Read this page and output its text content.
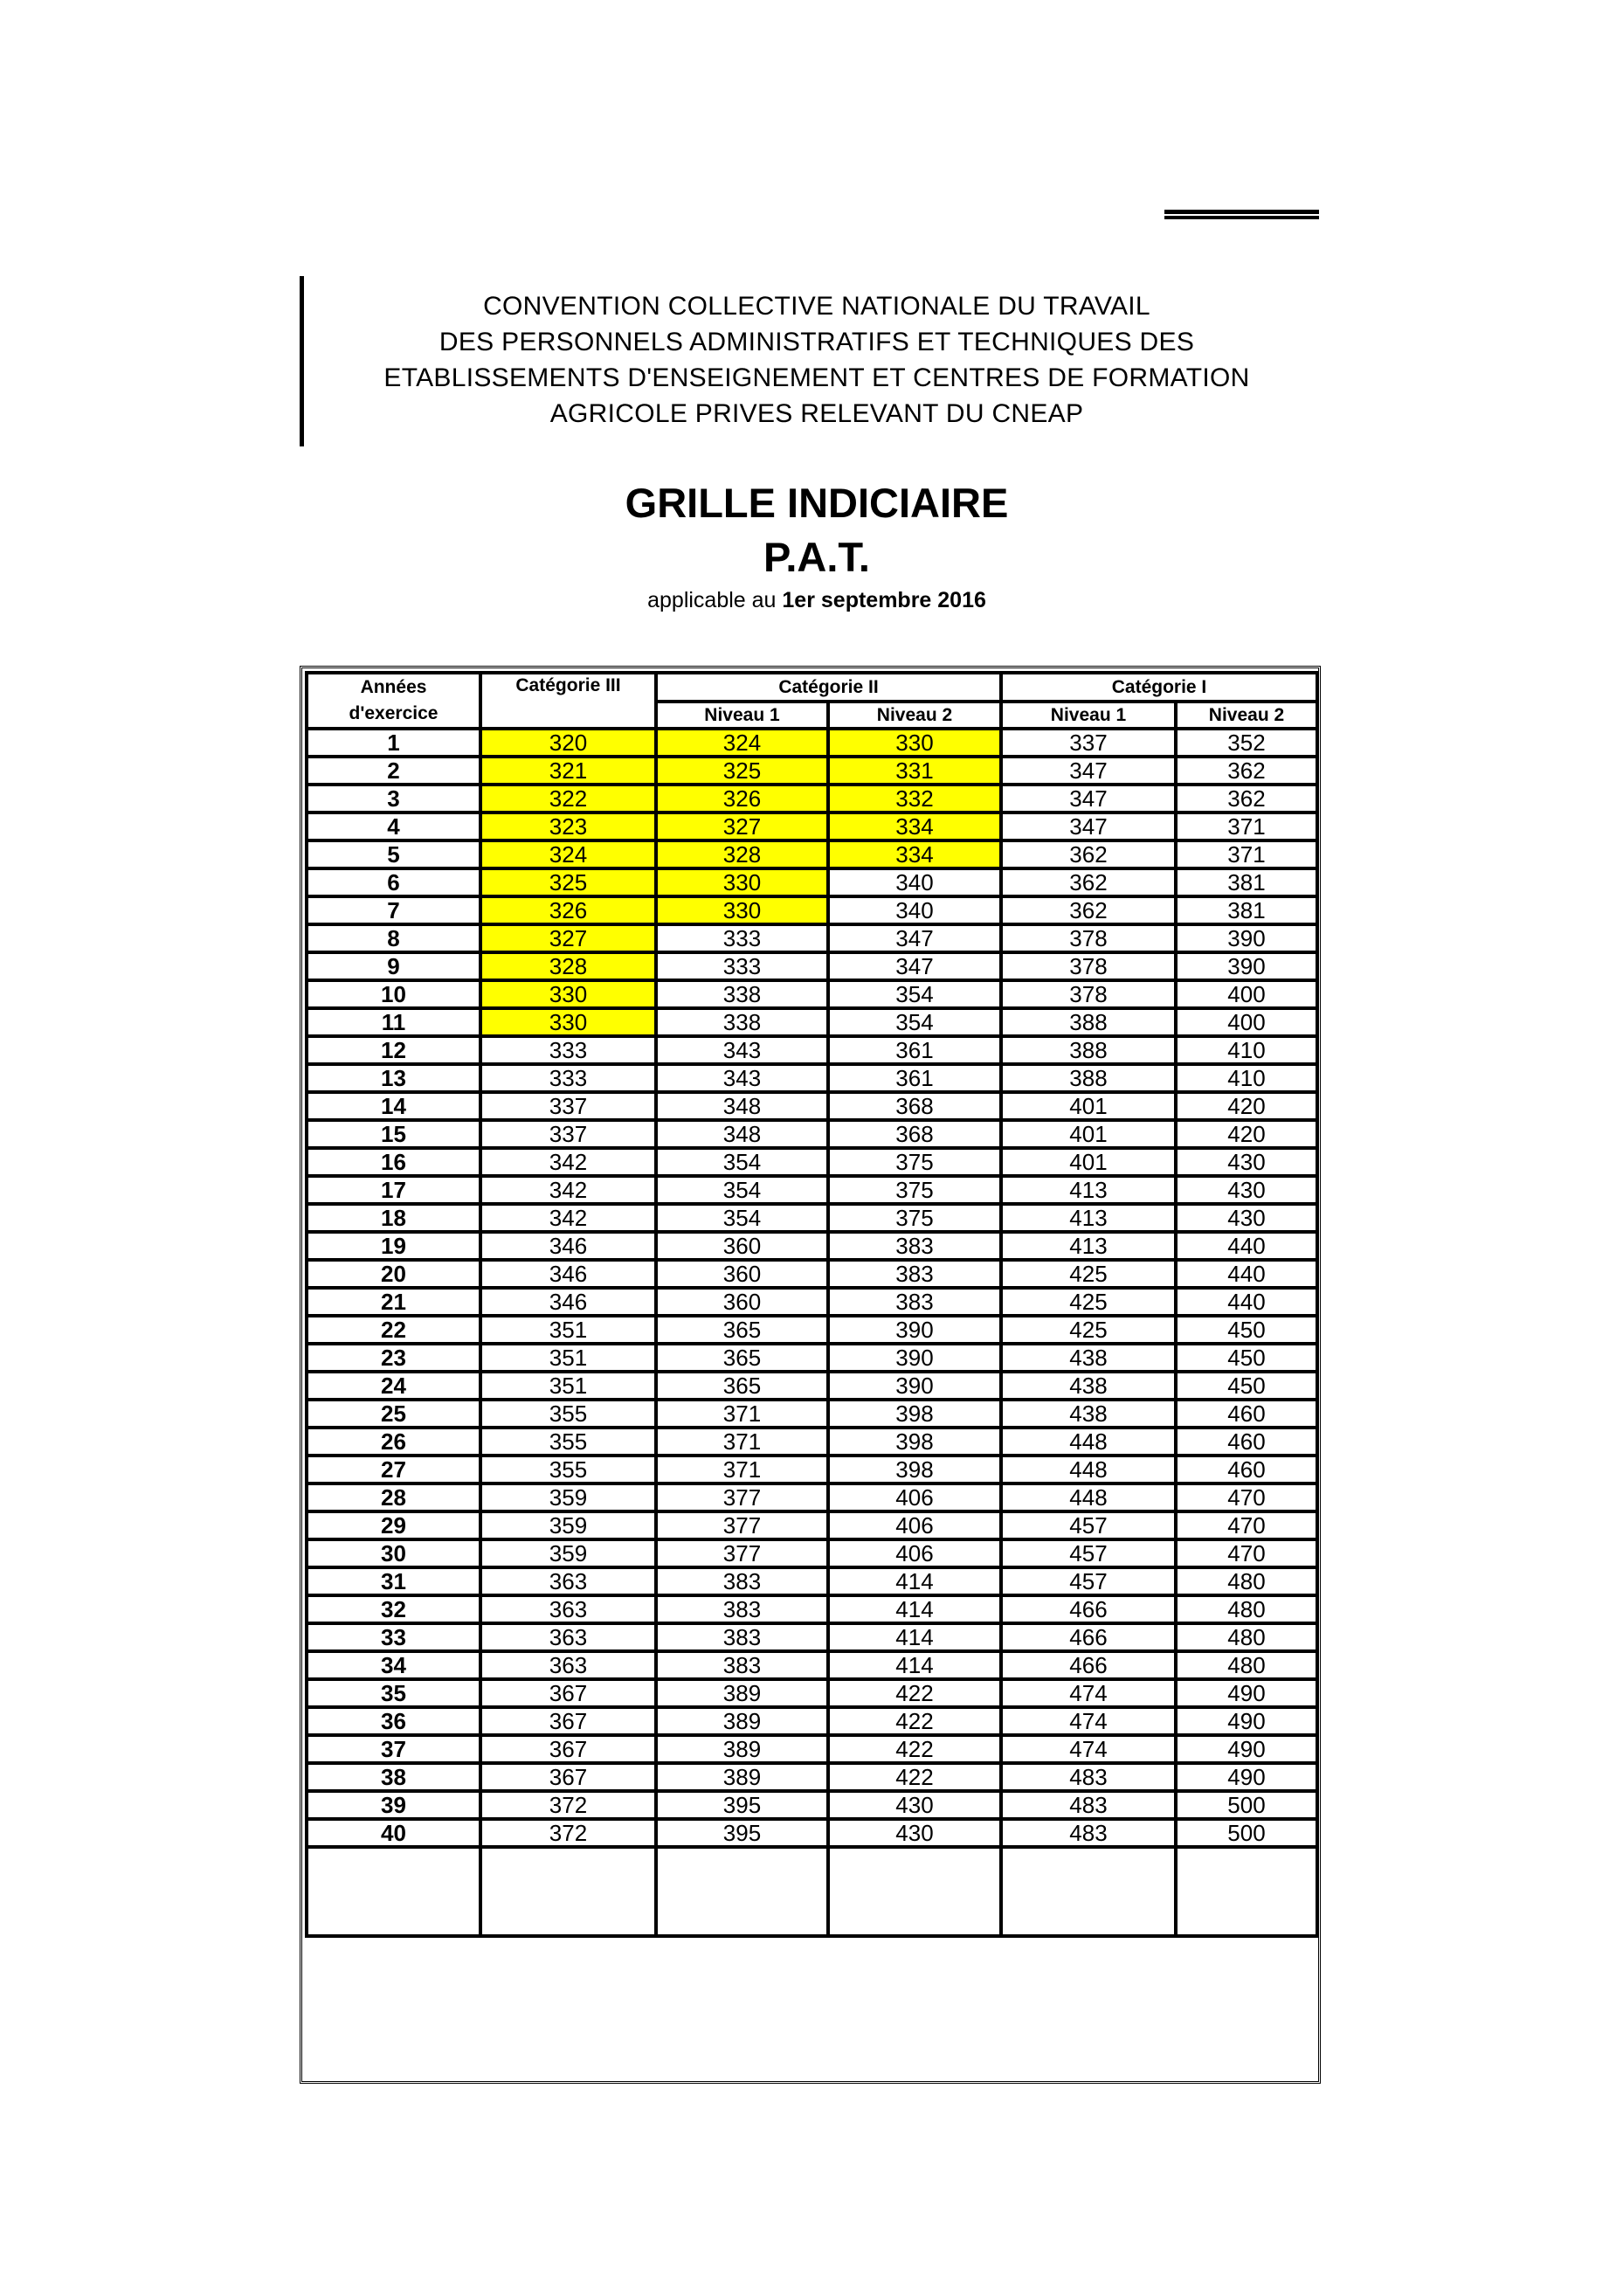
CONVENTION COLLECTIVE NATIONALE DU TRAVAIL
DES PERSONNELS ADMINISTRATIFS ET TECHNIQUES DES
ETABLISSEMENTS D'ENSEIGNEMENT ET CENTRES DE FORMATION
AGRICOLE PRIVES RELEVANT DU CNEAP
GRILLE INDICIAIRE
P.A.T.
applicable au 1er septembre 2016
Années
d'exercice	Catégorie III	Catégorie II		Catégorie I	
		Niveau 1	Niveau 2	Niveau 1	Niveau 2
1	320	324	330	337	352
2	321	325	331	347	362
3	322	326	332	347	362
4	323	327	334	347	371
5	324	328	334	362	371
6	325	330	340	362	381
7	326	330	340	362	381
8	327	333	347	378	390
9	328	333	347	378	390
10	330	338	354	378	400
11	330	338	354	388	400
12	333	343	361	388	410
13	333	343	361	388	410
14	337	348	368	401	420
15	337	348	368	401	420
16	342	354	375	401	430
17	342	354	375	413	430
18	342	354	375	413	430
19	346	360	383	413	440
20	346	360	383	425	440
21	346	360	383	425	440
22	351	365	390	425	450
23	351	365	390	438	450
24	351	365	390	438	450
25	355	371	398	438	460
26	355	371	398	448	460
27	355	371	398	448	460
28	359	377	406	448	470
29	359	377	406	457	470
30	359	377	406	457	470
31	363	383	414	457	480
32	363	383	414	466	480
33	363	383	414	466	480
34	363	383	414	466	480
35	367	389	422	474	490
36	367	389	422	474	490
37	367	389	422	474	490
38	367	389	422	483	490
39	372	395	430	483	500
40	372	395	430	483	500
